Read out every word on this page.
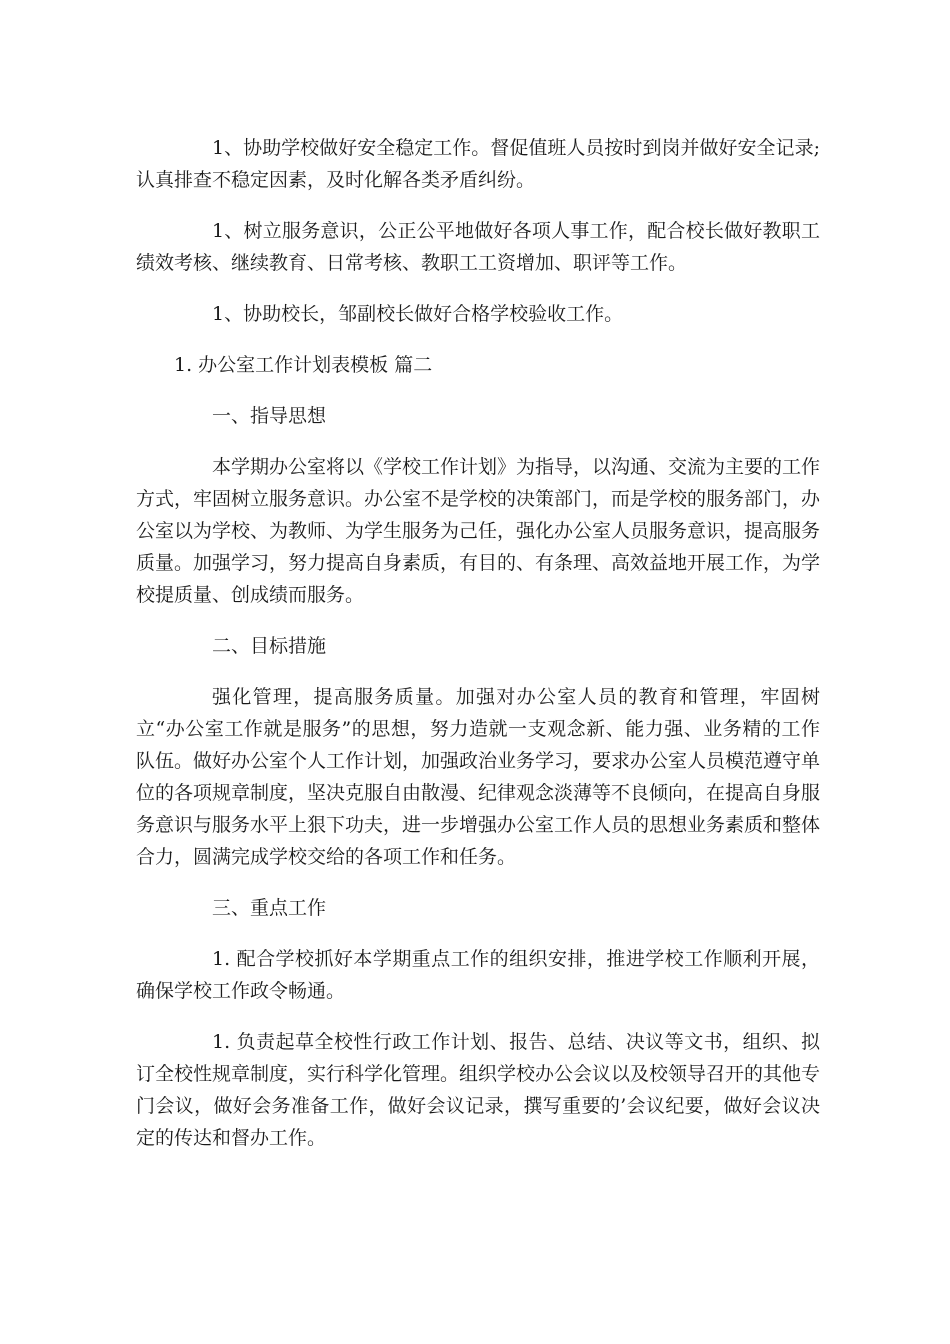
1、协助学校做好安全稳定工作。督促值班人员按时到岗并做好安全记录;认真排查不稳定因素，及时化解各类矛盾纠纷。

1、树立服务意识，公正公平地做好各项人事工作，配合校长做好教职工绩效考核、继续教育、日常考核、教职工工资增加、职评等工作。

1、协助校长，邹副校长做好合格学校验收工作。

1. 办公室工作计划表模板 篇二

一、指导思想

本学期办公室将以《学校工作计划》为指导，以沟通、交流为主要的工作方式，牢固树立服务意识。办公室不是学校的决策部门，而是学校的服务部门，办公室以为学校、为教师、为学生服务为己任，强化办公室人员服务意识，提高服务质量。加强学习，努力提高自身素质，有目的、有条理、高效益地开展工作，为学校提质量、创成绩而服务。

二、目标措施

强化管理，提高服务质量。加强对办公室人员的教育和管理，牢固树立“办公室工作就是服务”的思想，努力造就一支观念新、能力强、业务精的工作队伍。做好办公室个人工作计划，加强政治业务学习，要求办公室人员模范遵守单位的各项规章制度，坚决克服自由散漫、纪律观念淡薄等不良倾向，在提高自身服务意识与服务水平上狠下功夫，进一步增强办公室工作人员的思想业务素质和整体合力，圆满完成学校交给的各项工作和任务。

三、重点工作

1. 配合学校抓好本学期重点工作的组织安排，推进学校工作顺利开展，确保学校工作政令畅通。

1. 负责起草全校性行政工作计划、报告、总结、决议等文书，组织、拟订全校性规章制度，实行科学化管理。组织学校办公会议以及校领导召开的其他专门会议，做好会务准备工作，做好会议记录，撰写重要的’会议纪要，做好会议决定的传达和督办工作。
